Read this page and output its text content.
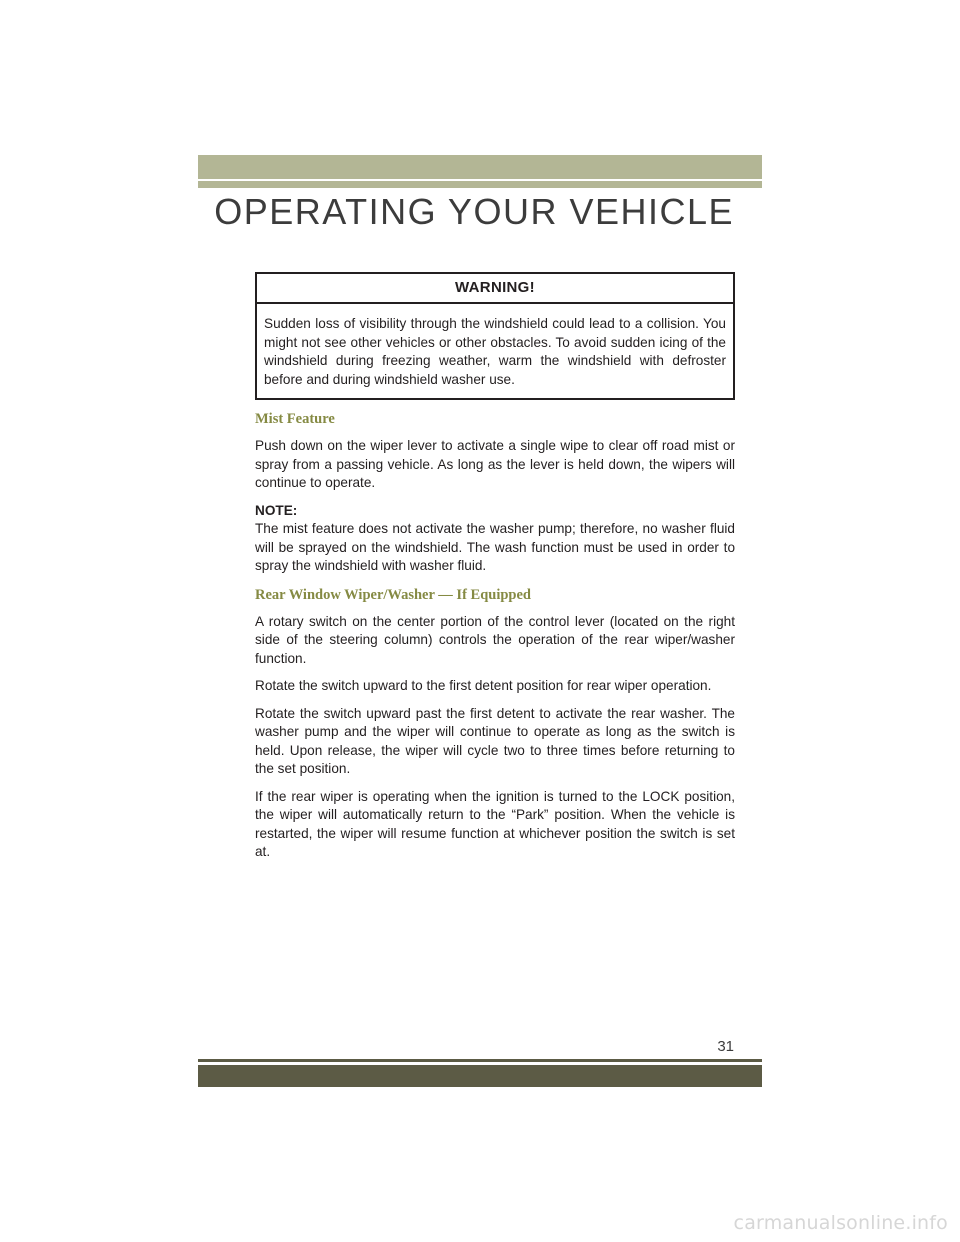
OPERATING YOUR VEHICLE
WARNING!

Sudden loss of visibility through the windshield could lead to a collision. You might not see other vehicles or other obstacles. To avoid sudden icing of the windshield during freezing weather, warm the windshield with defroster before and during windshield washer use.

Mist Feature

Push down on the wiper lever to activate a single wipe to clear off road mist or spray from a passing vehicle. As long as the lever is held down, the wipers will continue to operate.

NOTE:

The mist feature does not activate the washer pump; therefore, no washer fluid will be sprayed on the windshield. The wash function must be used in order to spray the windshield with washer fluid.

Rear Window Wiper/Washer — If Equipped

A rotary switch on the center portion of the control lever (located on the right side of the steering column) controls the operation of the rear wiper/washer function.

Rotate the switch upward to the first detent position for rear wiper operation.

Rotate the switch upward past the first detent to activate the rear washer. The washer pump and the wiper will continue to operate as long as the switch is held. Upon release, the wiper will cycle two to three times before returning to the set position.

If the rear wiper is operating when the ignition is turned to the LOCK position, the wiper will automatically return to the “Park” position. When the vehicle is restarted, the wiper will resume function at whichever position the switch is set at.

31
carmanualsonline.info
